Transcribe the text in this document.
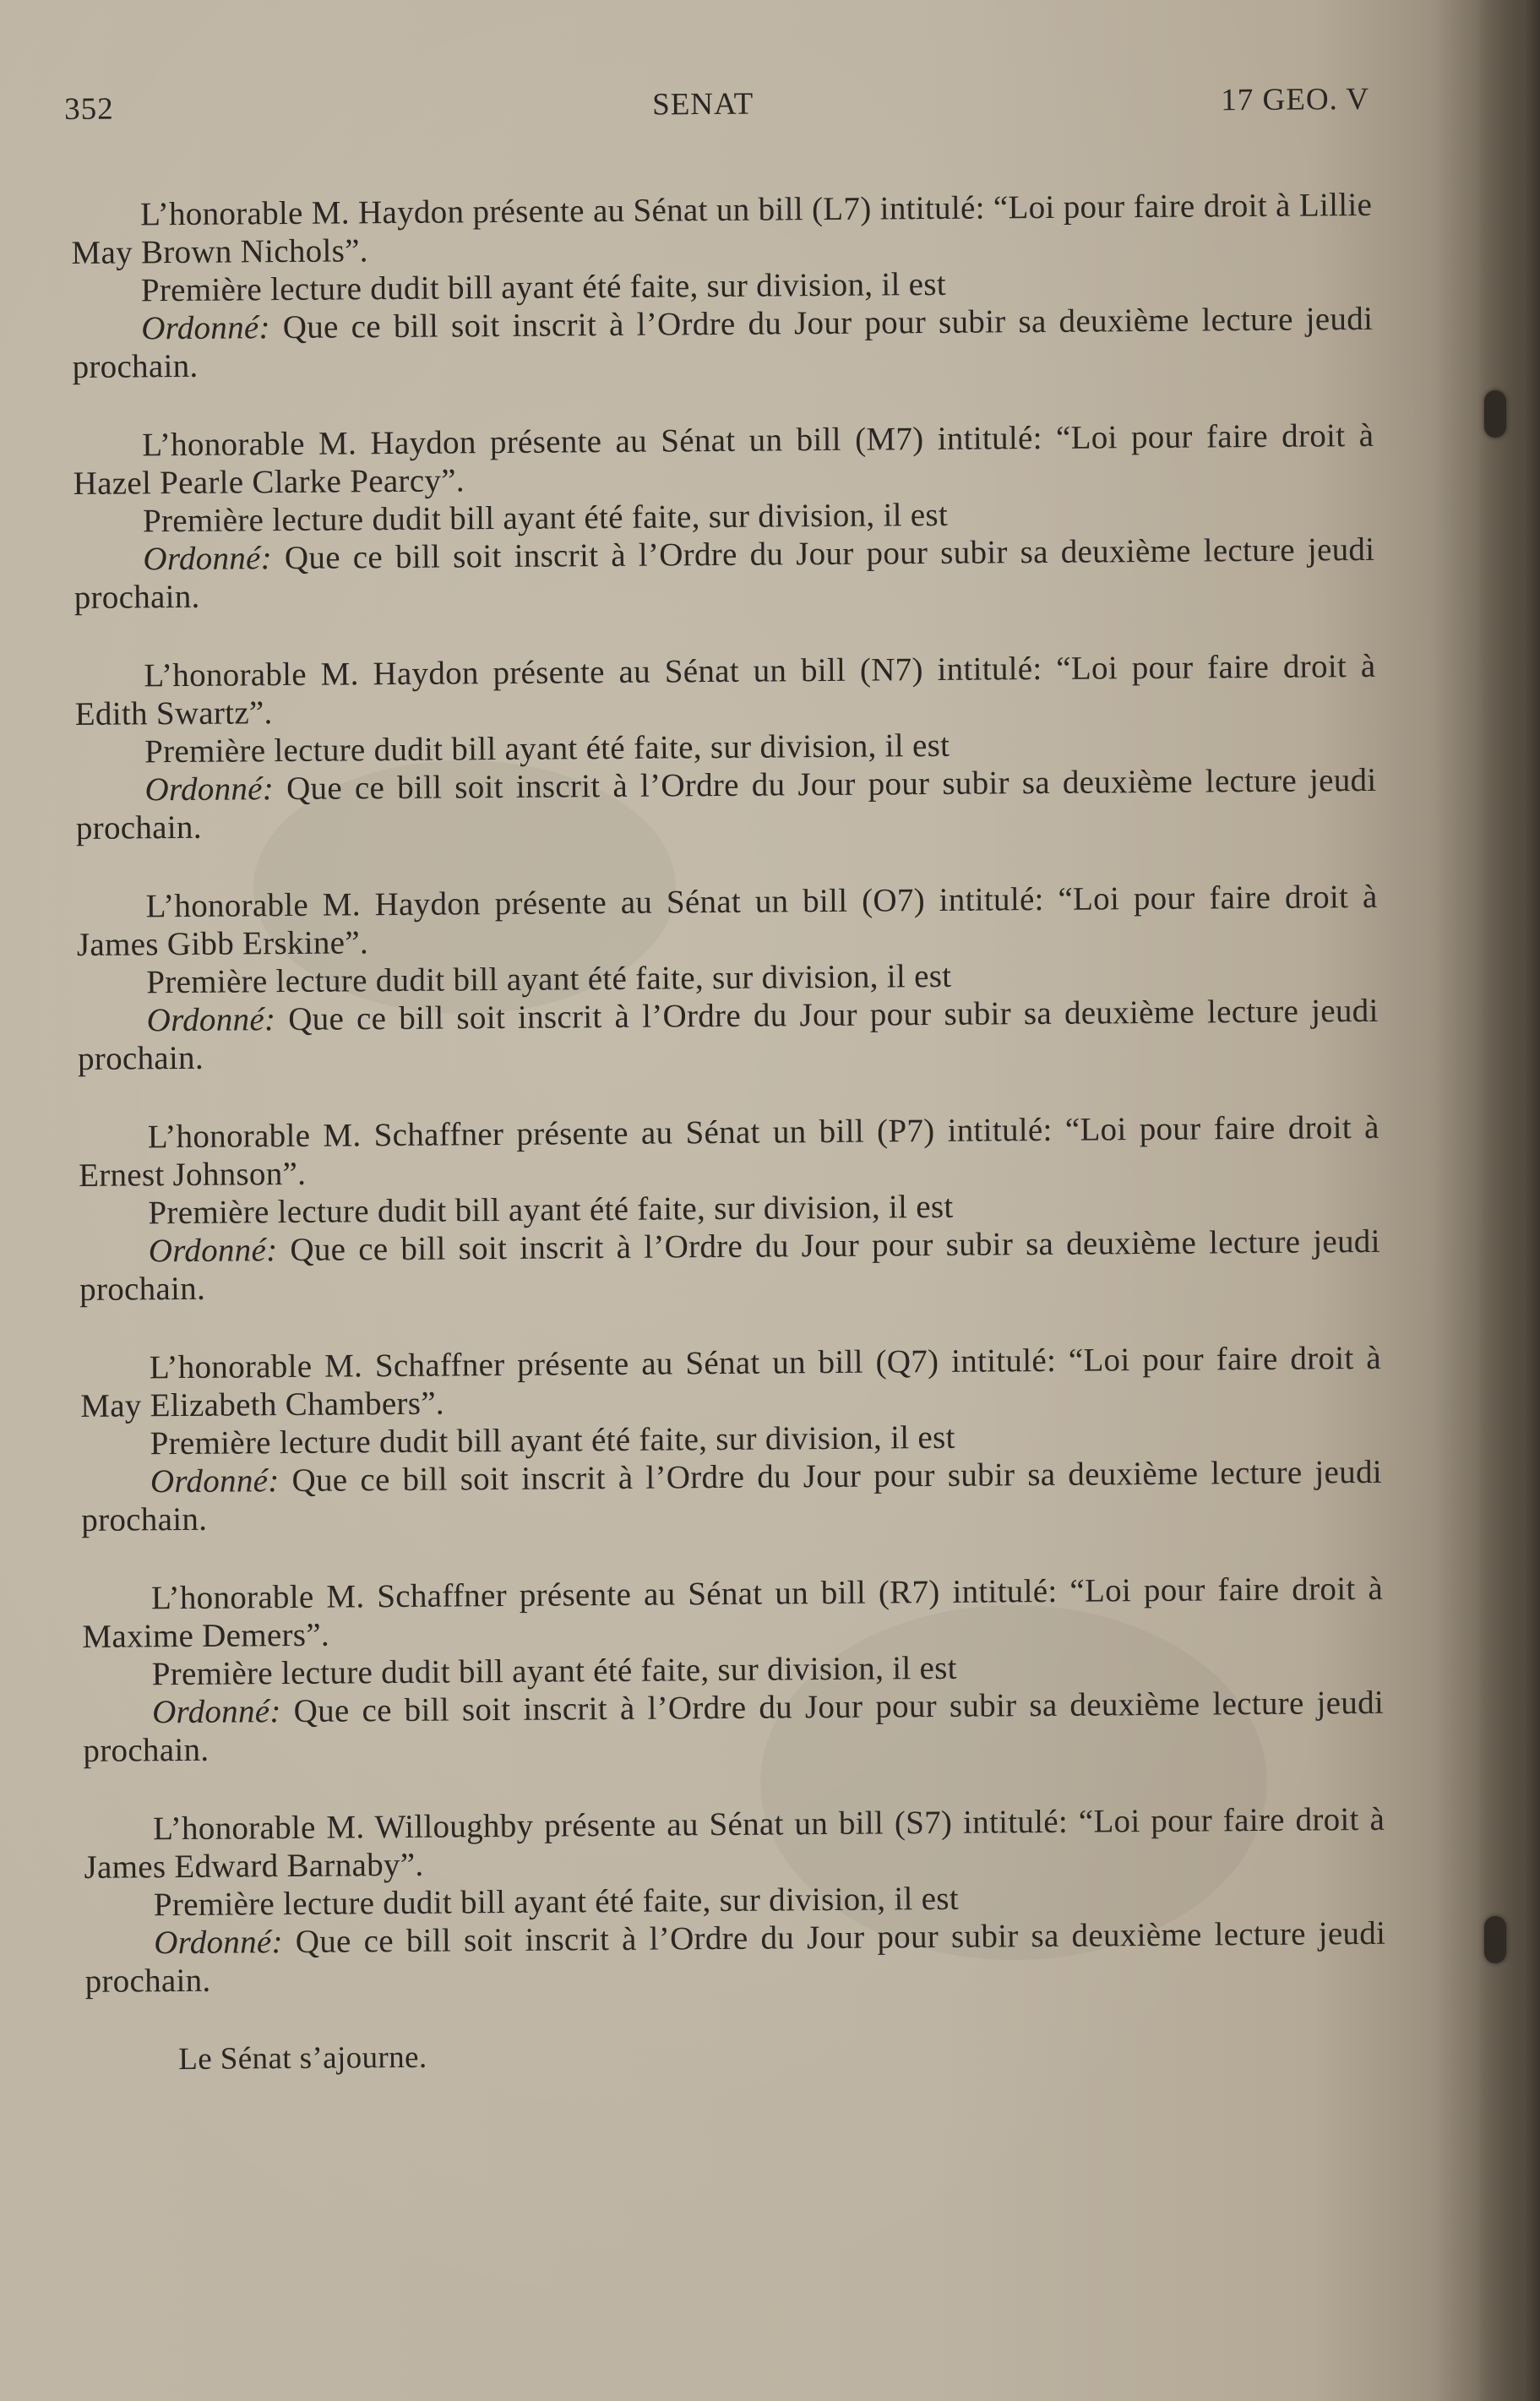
352	SENAT	17 GEO. V

L’honorable M. Haydon présente au Sénat un bill (L7) intitulé: “Loi pour faire droit à Lillie May Brown Nichols”.

Première lecture dudit bill ayant été faite, sur division, il est

Ordonné: Que ce bill soit inscrit à l’Ordre du Jour pour subir sa deuxième lecture jeudi prochain.

L’honorable M. Haydon présente au Sénat un bill (M7) intitulé: “Loi pour faire droit à Hazel Pearle Clarke Pearcy”.

Première lecture dudit bill ayant été faite, sur division, il est

Ordonné: Que ce bill soit inscrit à l’Ordre du Jour pour subir sa deuxième lecture jeudi prochain.

L’honorable M. Haydon présente au Sénat un bill (N7) intitulé: “Loi pour faire droit à Edith Swartz”.

Première lecture dudit bill ayant été faite, sur division, il est

Ordonné: Que ce bill soit inscrit à l’Ordre du Jour pour subir sa deuxième lecture jeudi prochain.

L’honorable M. Haydon présente au Sénat un bill (O7) intitulé: “Loi pour faire droit à James Gibb Erskine”.

Première lecture dudit bill ayant été faite, sur division, il est

Ordonné: Que ce bill soit inscrit à l’Ordre du Jour pour subir sa deuxième lecture jeudi prochain.

L’honorable M. Schaffner présente au Sénat un bill (P7) intitulé: “Loi pour faire droit à Ernest Johnson”.

Première lecture dudit bill ayant été faite, sur division, il est

Ordonné: Que ce bill soit inscrit à l’Ordre du Jour pour subir sa deuxième lecture jeudi prochain.

L’honorable M. Schaffner présente au Sénat un bill (Q7) intitulé: “Loi pour faire droit à May Elizabeth Chambers”.

Première lecture dudit bill ayant été faite, sur division, il est

Ordonné: Que ce bill soit inscrit à l’Ordre du Jour pour subir sa deuxième lecture jeudi prochain.

L’honorable M. Schaffner présente au Sénat un bill (R7) intitulé: “Loi pour faire droit à Maxime Demers”.

Première lecture dudit bill ayant été faite, sur division, il est

Ordonné: Que ce bill soit inscrit à l’Ordre du Jour pour subir sa deuxième lecture jeudi prochain.

L’honorable M. Willoughby présente au Sénat un bill (S7) intitulé: “Loi pour faire droit à James Edward Barnaby”.

Première lecture dudit bill ayant été faite, sur division, il est

Ordonné: Que ce bill soit inscrit à l’Ordre du Jour pour subir sa deuxième lecture jeudi prochain.

Le Sénat s’ajourne.
